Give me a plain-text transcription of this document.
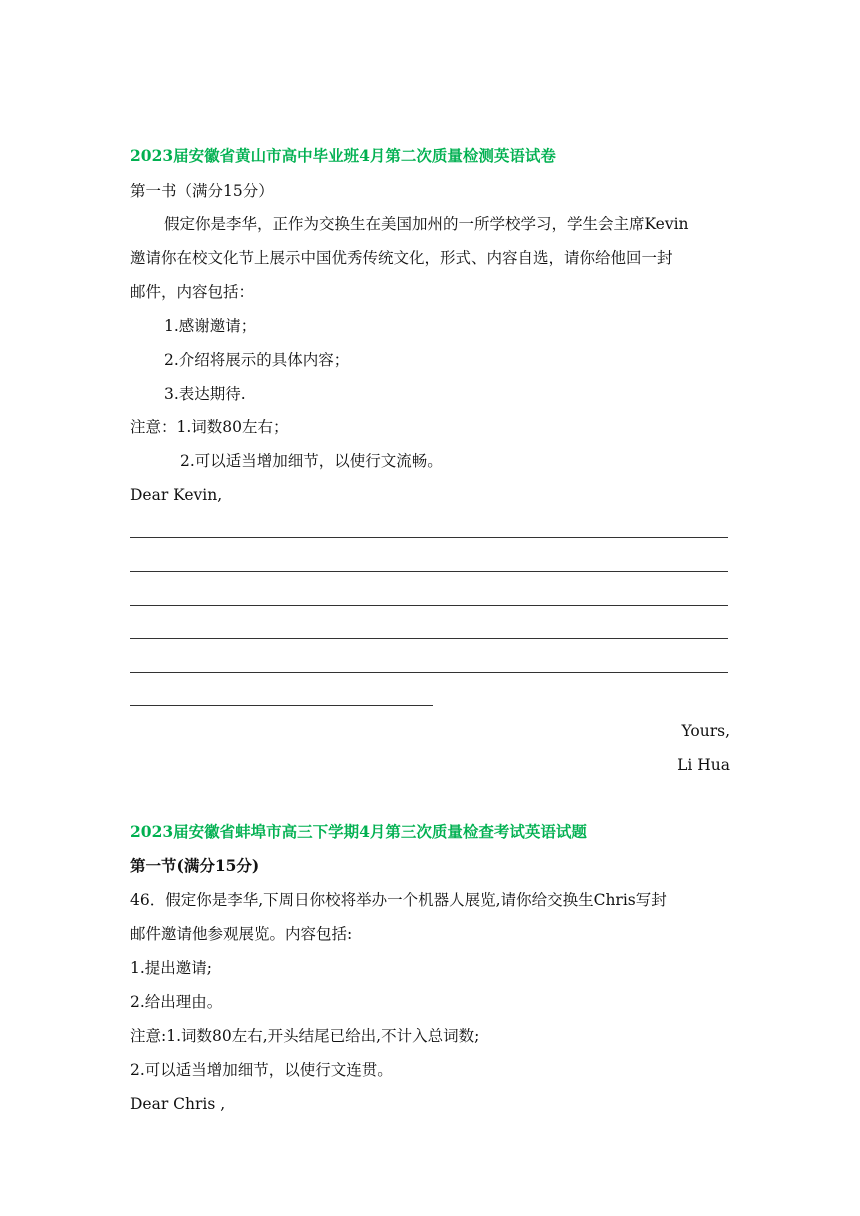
2023届安徽省黄山市高中毕业班4月第二次质量检测英语试卷
第一书（满分15分）
假定你是李华，正作为交换生在美国加州的一所学校学习，学生会主席Kevin
邀请你在校文化节上展示中国优秀传统文化，形式、内容自选，请你给他回一封
邮件，内容包括：
1.感谢邀请；
2.介绍将展示的具体内容；
3.表达期待.
注意：1.词数80左右；
2.可以适当增加细节，以使行文流畅。
Dear Kevin,
Yours,
Li Hua
2023届安徽省蚌埠市高三下学期4月第三次质量检查考试英语试题
第一节(满分15分)
46．假定你是李华,下周日你校将举办一个机器人展览,请你给交换生Chris写封
邮件邀请他参观展览。内容包括:
1.提出邀请;
2.给出理由。
注意:1.词数80左右,开头结尾已给出,不计入总词数;
2.可以适当增加细节，以使行文连贯。
Dear Chris ,
